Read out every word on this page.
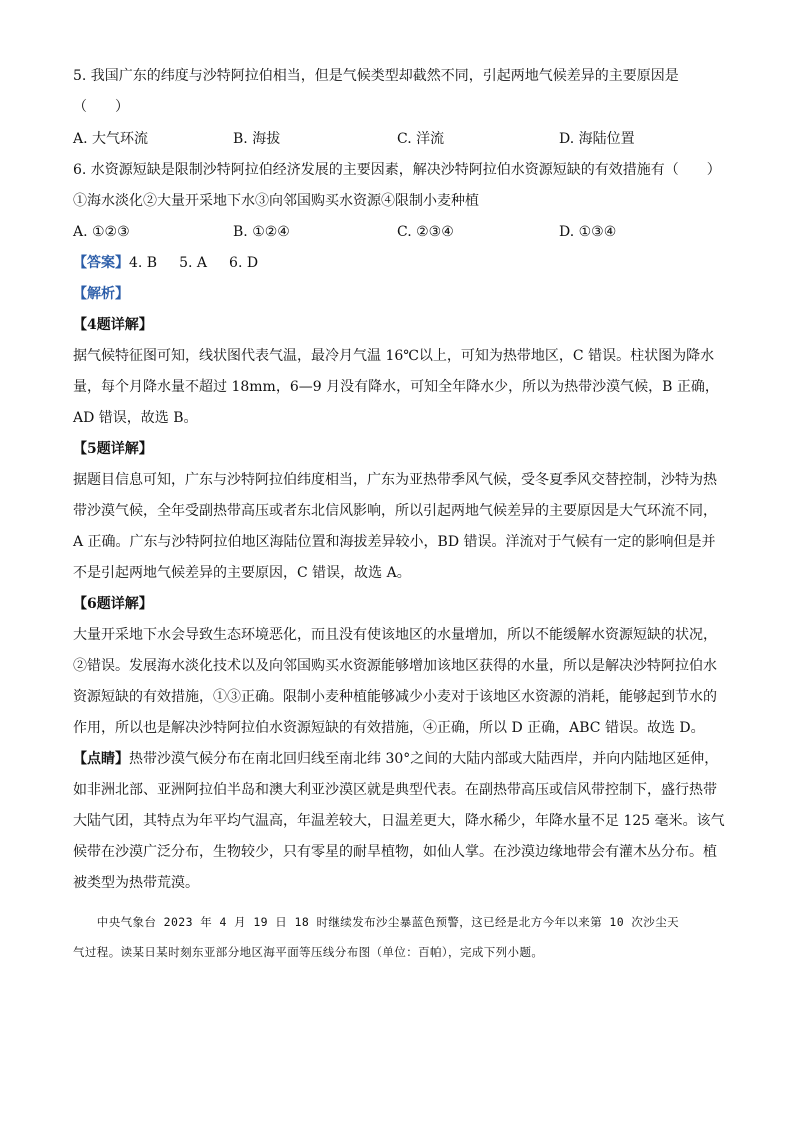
5. 我国广东的纬度与沙特阿拉伯相当，但是气候类型却截然不同，引起两地气候差异的主要原因是
（　　）
A. 大气环流	B. 海拔	C. 洋流	D. 海陆位置
6. 水资源短缺是限制沙特阿拉伯经济发展的主要因素，解决沙特阿拉伯水资源短缺的有效措施有（　　）
①海水淡化②大量开采地下水③向邻国购买水资源④限制小麦种植
A. ①②③	B. ①②④	C. ②③④	D. ①③④
【答案】4. B 5. A 6. D
【解析】
【4题详解】
据气候特征图可知，线状图代表气温，最冷月气温 16℃以上，可知为热带地区，C 错误。柱状图为降水
量，每个月降水量不超过 18mm，6—9 月没有降水，可知全年降水少，所以为热带沙漠气候，B 正确，
AD 错误，故选 B。
【5题详解】
据题目信息可知，广东与沙特阿拉伯纬度相当，广东为亚热带季风气候，受冬夏季风交替控制，沙特为热
带沙漠气候，全年受副热带高压或者东北信风影响，所以引起两地气候差异的主要原因是大气环流不同，
A 正确。广东与沙特阿拉伯地区海陆位置和海拔差异较小，BD 错误。洋流对于气候有一定的影响但是并
不是引起两地气候差异的主要原因，C 错误，故选 A。
【6题详解】
大量开采地下水会导致生态环境恶化，而且没有使该地区的水量增加，所以不能缓解水资源短缺的状况，
②错误。发展海水淡化技术以及向邻国购买水资源能够增加该地区获得的水量，所以是解决沙特阿拉伯水
资源短缺的有效措施，①③正确。限制小麦种植能够减少小麦对于该地区水资源的消耗，能够起到节水的
作用，所以也是解决沙特阿拉伯水资源短缺的有效措施，④正确，所以 D 正确，ABC 错误。故选 D。
【点睛】热带沙漠气候分布在南北回归线至南北纬 30°之间的大陆内部或大陆西岸，并向内陆地区延伸，
如非洲北部、亚洲阿拉伯半岛和澳大利亚沙漠区就是典型代表。在副热带高压或信风带控制下，盛行热带
大陆气团，其特点为年平均气温高，年温差较大，日温差更大，降水稀少，年降水量不足 125 毫米。该气
候带在沙漠广泛分布，生物较少，只有零星的耐旱植物，如仙人掌。在沙漠边缘地带会有灌木丛分布。植
被类型为热带荒漠。
　　中央气象台 2023 年 4 月 19 日 18 时继续发布沙尘暴蓝色预警，这已经是北方今年以来第 10 次沙尘天
气过程。读某日某时刻东亚部分地区海平面等压线分布图（单位：百帕），完成下列小题。
